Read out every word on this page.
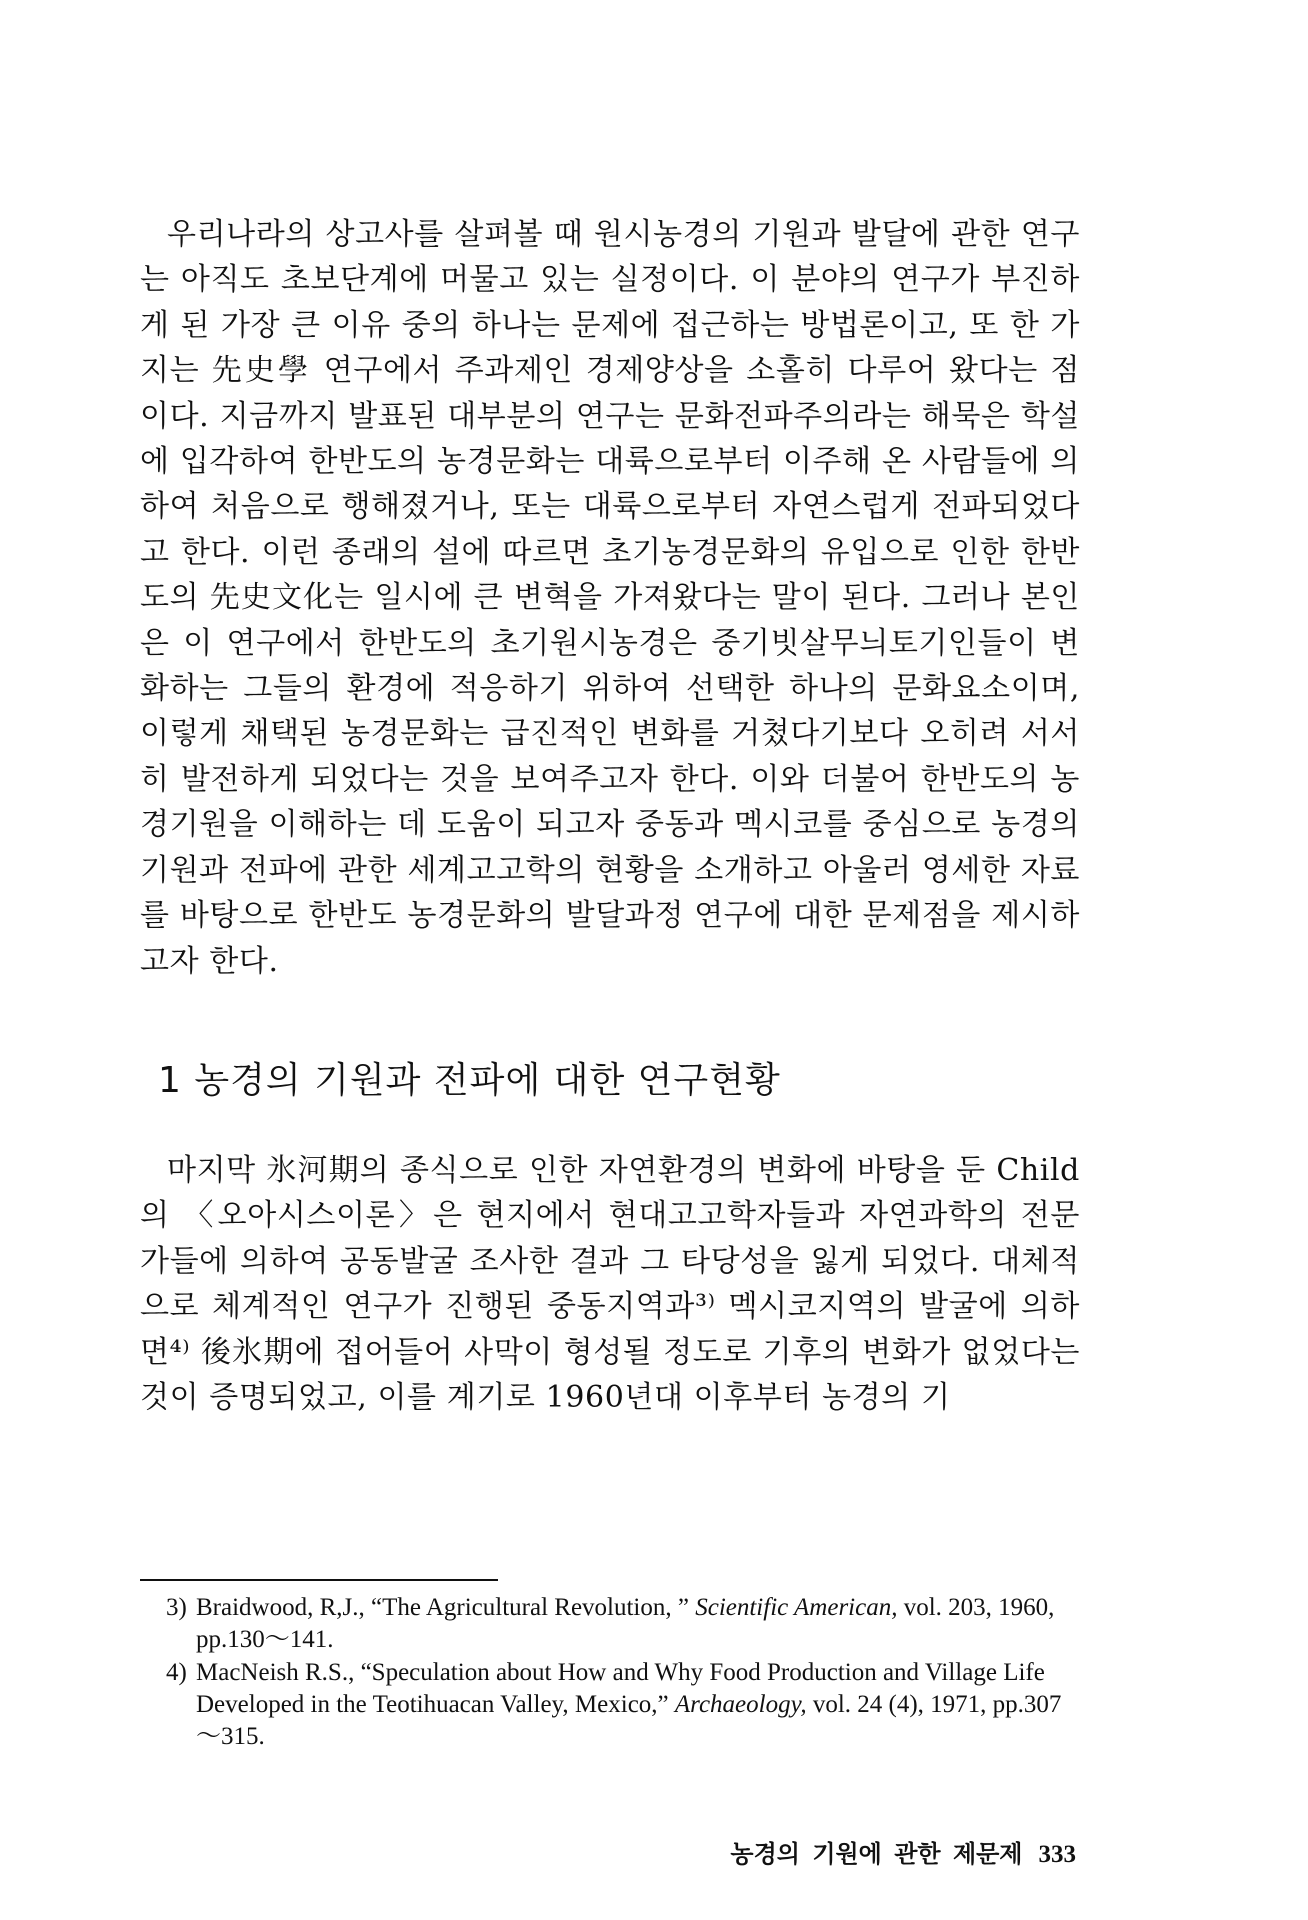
우리나라의 상고사를 살펴볼 때 원시농경의 기원과 발달에 관한 연구는 아직도 초보단계에 머물고 있는 실정이다. 이 분야의 연구가 부진하게 된 가장 큰 이유 중의 하나는 문제에 접근하는 방법론이고, 또 한 가지는 先史學 연구에서 주과제인 경제양상을 소홀히 다루어 왔다는 점이다. 지금까지 발표된 대부분의 연구는 문화전파주의라는 해묵은 학설에 입각하여 한반도의 농경문화는 대륙으로부터 이주해 온 사람들에 의하여 처음으로 행해졌거나, 또는 대륙으로부터 자연스럽게 전파되었다고 한다. 이런 종래의 설에 따르면 초기농경문화의 유입으로 인한 한반도의 先史文化는 일시에 큰 변혁을 가져왔다는 말이 된다. 그러나 본인은 이 연구에서 한반도의 초기원시농경은 중기빗살무늬토기인들이 변화하는 그들의 환경에 적응하기 위하여 선택한 하나의 문화요소이며, 이렇게 채택된 농경문화는 급진적인 변화를 거쳤다기보다 오히려 서서히 발전하게 되었다는 것을 보여주고자 한다. 이와 더불어 한반도의 농경기원을 이해하는 데 도움이 되고자 중동과 멕시코를 중심으로 농경의 기원과 전파에 관한 세계고고학의 현황을 소개하고 아울러 영세한 자료를 바탕으로 한반도 농경문화의 발달과정 연구에 대한 문제점을 제시하고자 한다.

1 농경의 기원과 전파에 대한 연구현황

마지막 氷河期의 종식으로 인한 자연환경의 변화에 바탕을 둔 Child의 〈오아시스이론〉은 현지에서 현대고고학자들과 자연과학의 전문가들에 의하여 공동발굴 조사한 결과 그 타당성을 잃게 되었다. 대체적으로 체계적인 연구가 진행된 중동지역과³⁾ 멕시코지역의 발굴에 의하면⁴⁾ 後氷期에 접어들어 사막이 형성될 정도로 기후의 변화가 없었다는 것이 증명되었고, 이를 계기로 1960년대 이후부터 농경의 기

3) Braidwood, R,J., “The Agricultural Revolution, ” Scientific American, vol. 203, 1960, pp.130～141.
4) MacNeish R.S., “Speculation about How and Why Food Production and Village Life Developed in the Teotihuacan Valley, Mexico,” Archaeology, vol. 24 (4), 1971, pp.307～315.
농경의 기원에 관한 제문제 333
